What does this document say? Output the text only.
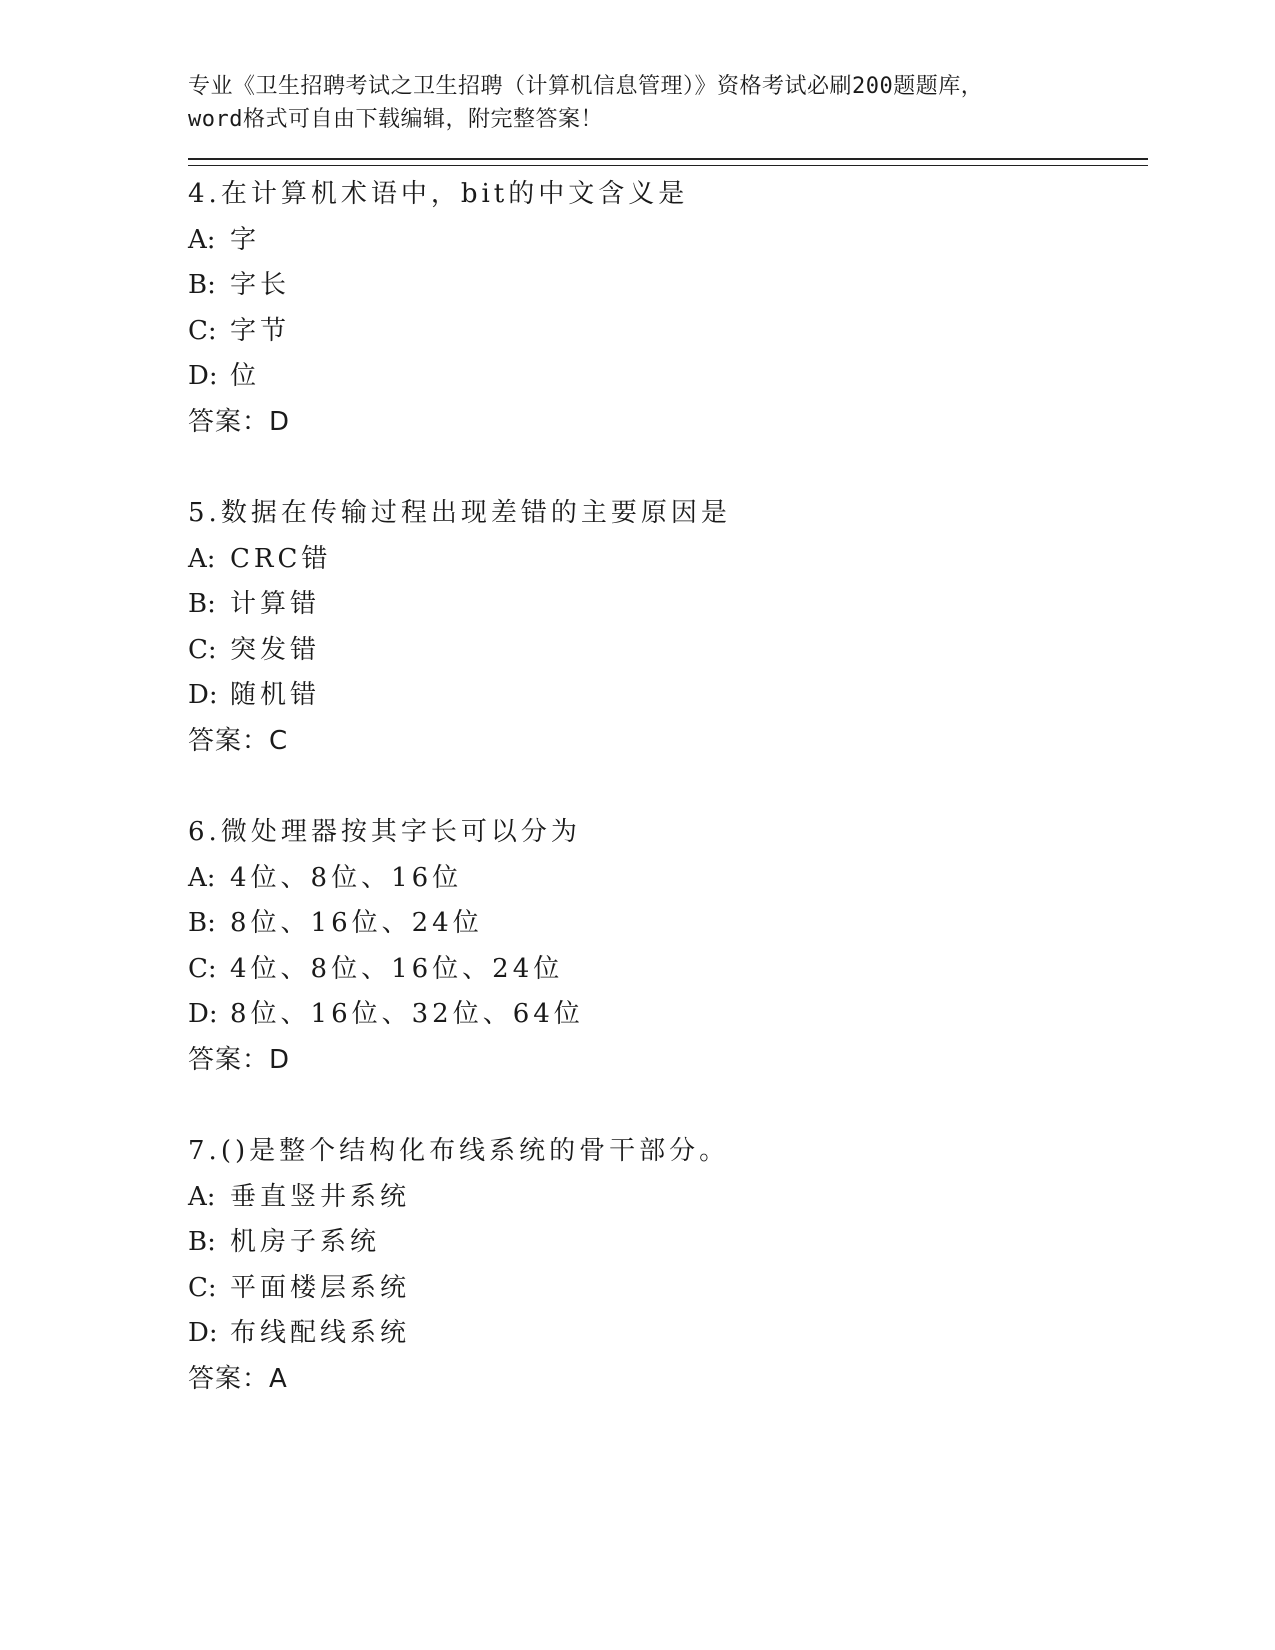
专业《卫生招聘考试之卫生招聘（计算机信息管理）》资格考试必刷200题题库，
word格式可自由下载编辑，附完整答案！
4.在计算机术语中，bit的中文含义是
A: 字
B: 字长
C: 字节
D: 位
答案：D
5.数据在传输过程出现差错的主要原因是
A: CRC错
B: 计算错
C: 突发错
D: 随机错
答案：C
6.微处理器按其字长可以分为
A: 4位、8位、16位
B: 8位、16位、24位
C: 4位、8位、16位、24位
D: 8位、16位、32位、64位
答案：D
7.()是整个结构化布线系统的骨干部分。
A: 垂直竖井系统
B: 机房子系统
C: 平面楼层系统
D: 布线配线系统
答案：A
